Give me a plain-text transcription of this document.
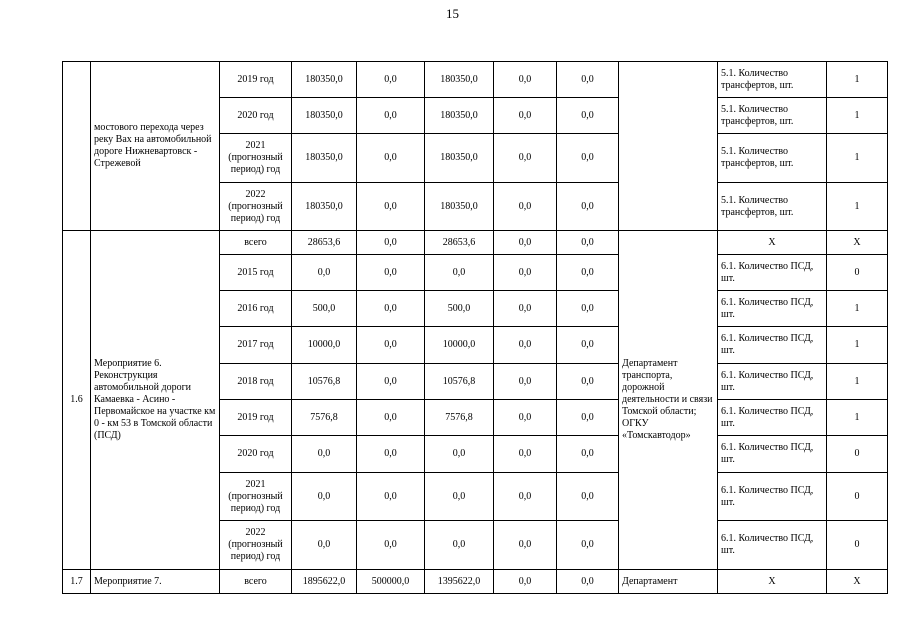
15
	мостового перехода через реку Вах на автомобильной дороге Нижневартовск - Стрежевой	2019 год	180350,0	0,0	180350,0	0,0	0,0		5.1. Количество трансфертов, шт.	1
		2020 год	180350,0	0,0	180350,0	0,0	0,0		5.1. Количество трансфертов, шт.	1
		2021 (прогнозный период) год	180350,0	0,0	180350,0	0,0	0,0		5.1. Количество трансфертов, шт.	1
		2022 (прогнозный период) год	180350,0	0,0	180350,0	0,0	0,0		5.1. Количество трансфертов, шт.	1
1.6	Мероприятие 6. Реконструкция автомобильной дороги Камаевка - Асино - Первомайское на участке км 0 - км 53 в Томской области (ПСД)	всего	28653,6	0,0	28653,6	0,0	0,0	Департамент транспорта, дорожной деятельности и связи Томской области; ОГКУ «Томскавтодор»	X	X
		2015 год	0,0	0,0	0,0	0,0	0,0		6.1. Количество ПСД, шт.	0
		2016 год	500,0	0,0	500,0	0,0	0,0		6.1. Количество ПСД, шт.	1
		2017 год	10000,0	0,0	10000,0	0,0	0,0		6.1. Количество ПСД, шт.	1
		2018 год	10576,8	0,0	10576,8	0,0	0,0		6.1. Количество ПСД, шт.	1
		2019 год	7576,8	0,0	7576,8	0,0	0,0		6.1. Количество ПСД, шт.	1
		2020 год	0,0	0,0	0,0	0,0	0,0		6.1. Количество ПСД, шт.	0
		2021 (прогнозный период) год	0,0	0,0	0,0	0,0	0,0		6.1. Количество ПСД, шт.	0
		2022 (прогнозный период) год	0,0	0,0	0,0	0,0	0,0		6.1. Количество ПСД, шт.	0
1.7	Мероприятие 7.	всего	1895622,0	500000,0	1395622,0	0,0	0,0	Департамент	X	X
